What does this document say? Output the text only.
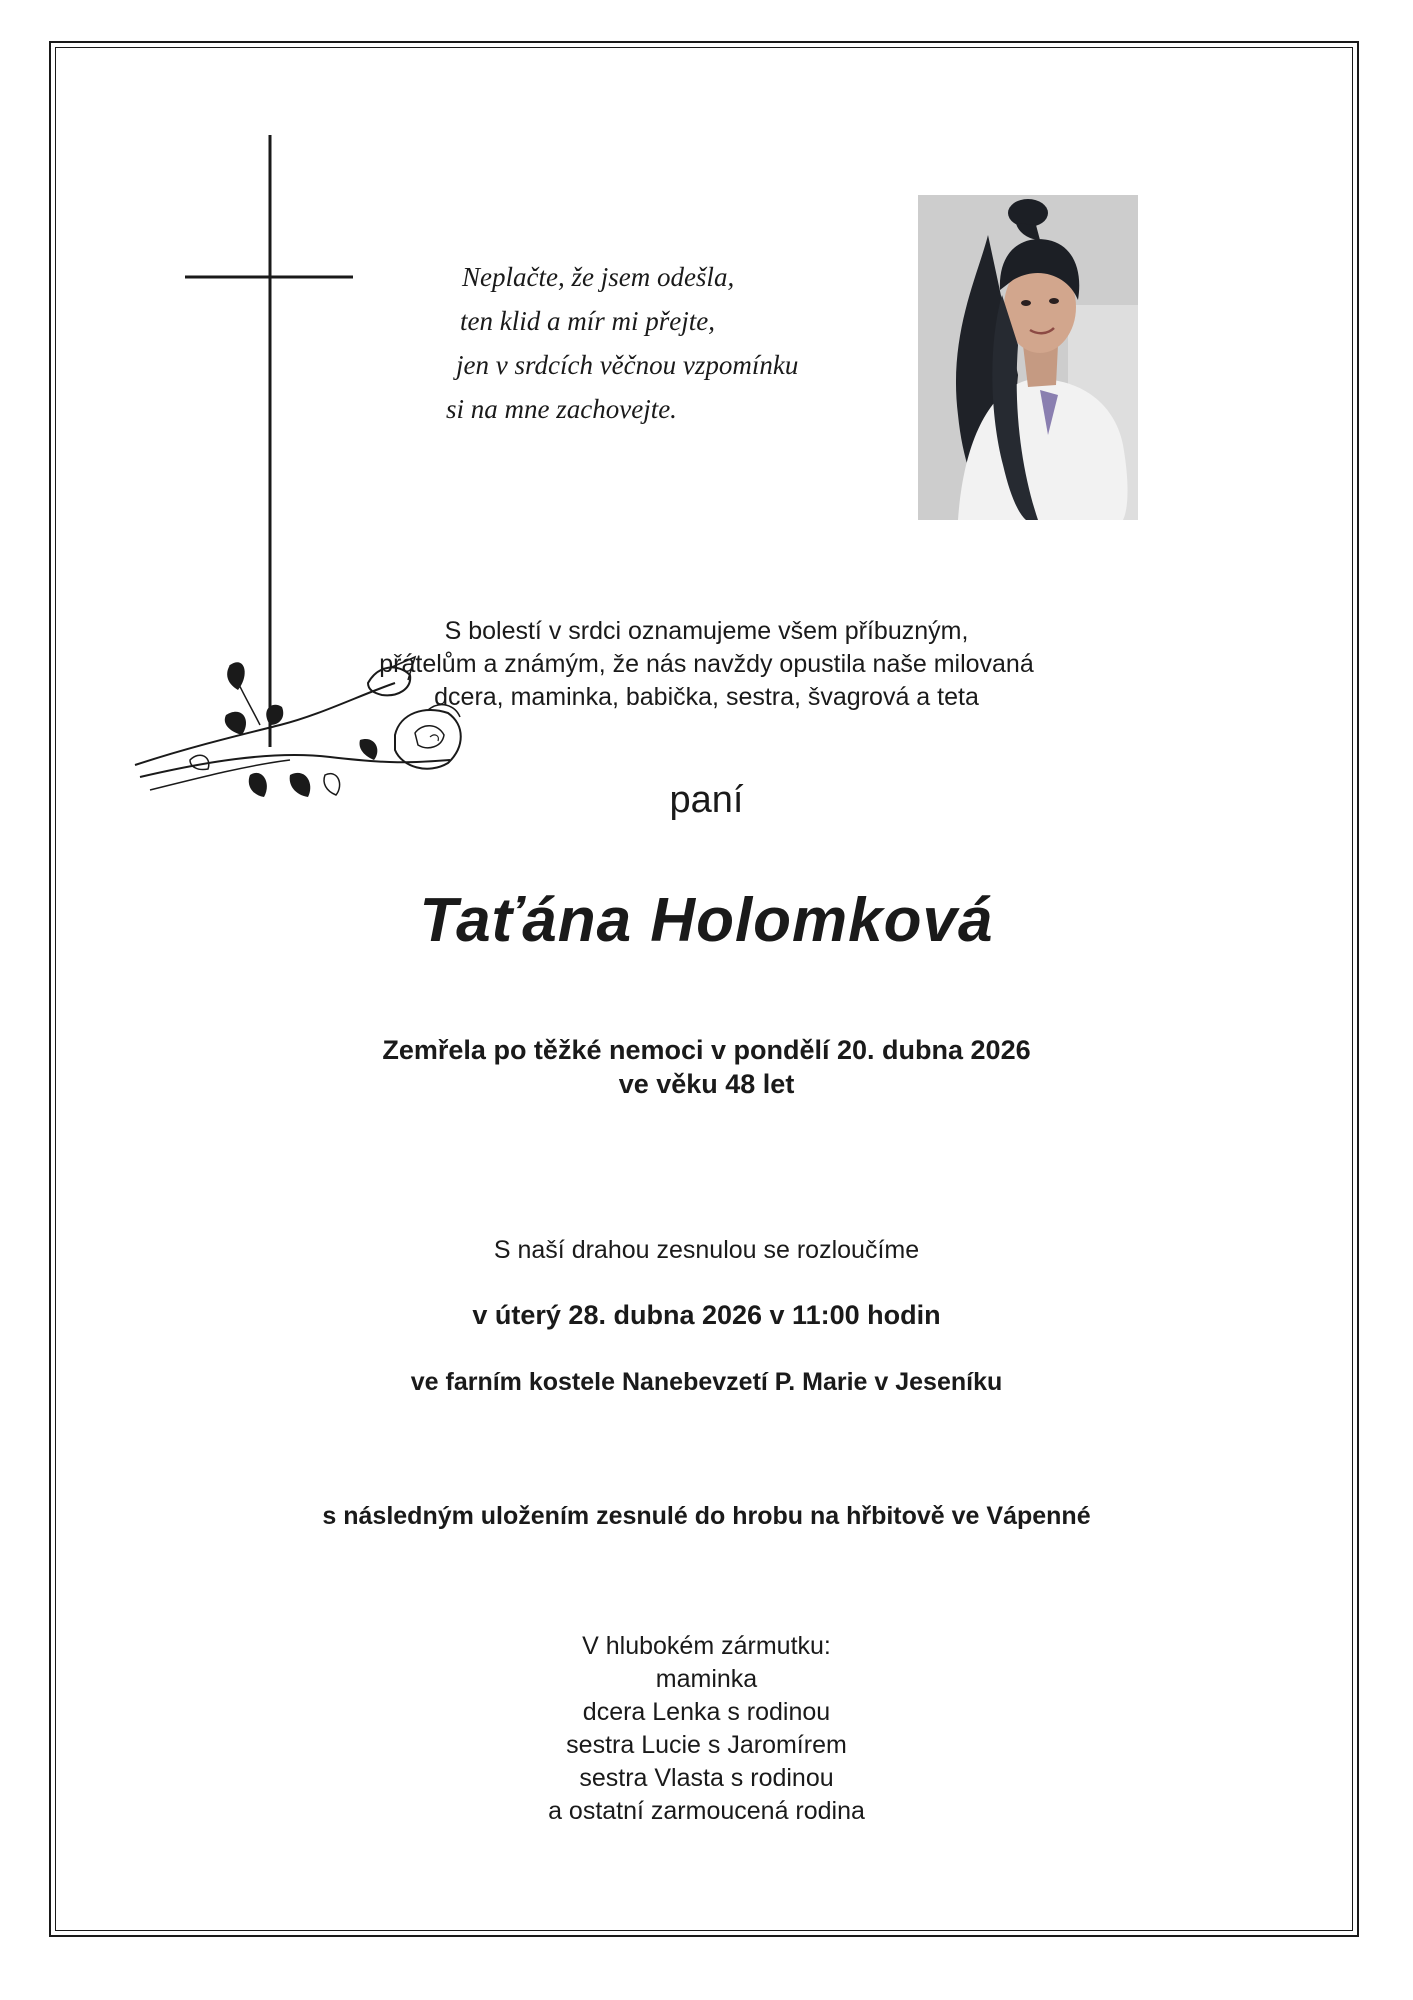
Neplačte, že jsem odešla,
ten klid a mír mi přejte,
jen v srdcích věčnou vzpomínku
si na mne zachovejte.
S bolestí v srdci oznamujeme všem příbuzným,
přátelům a známým, že nás navždy opustila naše milovaná
dcera, maminka, babička, sestra, švagrová a teta
paní
Taťána Holomková
Zemřela po těžké nemoci v pondělí 20. dubna 2026
ve věku 48 let
S naší drahou zesnulou se rozloučíme
v úterý 28. dubna 2026 v 11:00 hodin
ve farním kostele Nanebevzetí P. Marie v Jeseníku
s následným uložením zesnulé do hrobu na hřbitově ve Vápenné
V hlubokém zármutku:
maminka
dcera Lenka s rodinou
sestra Lucie s Jaromírem
sestra Vlasta s rodinou
a ostatní zarmoucená rodina
